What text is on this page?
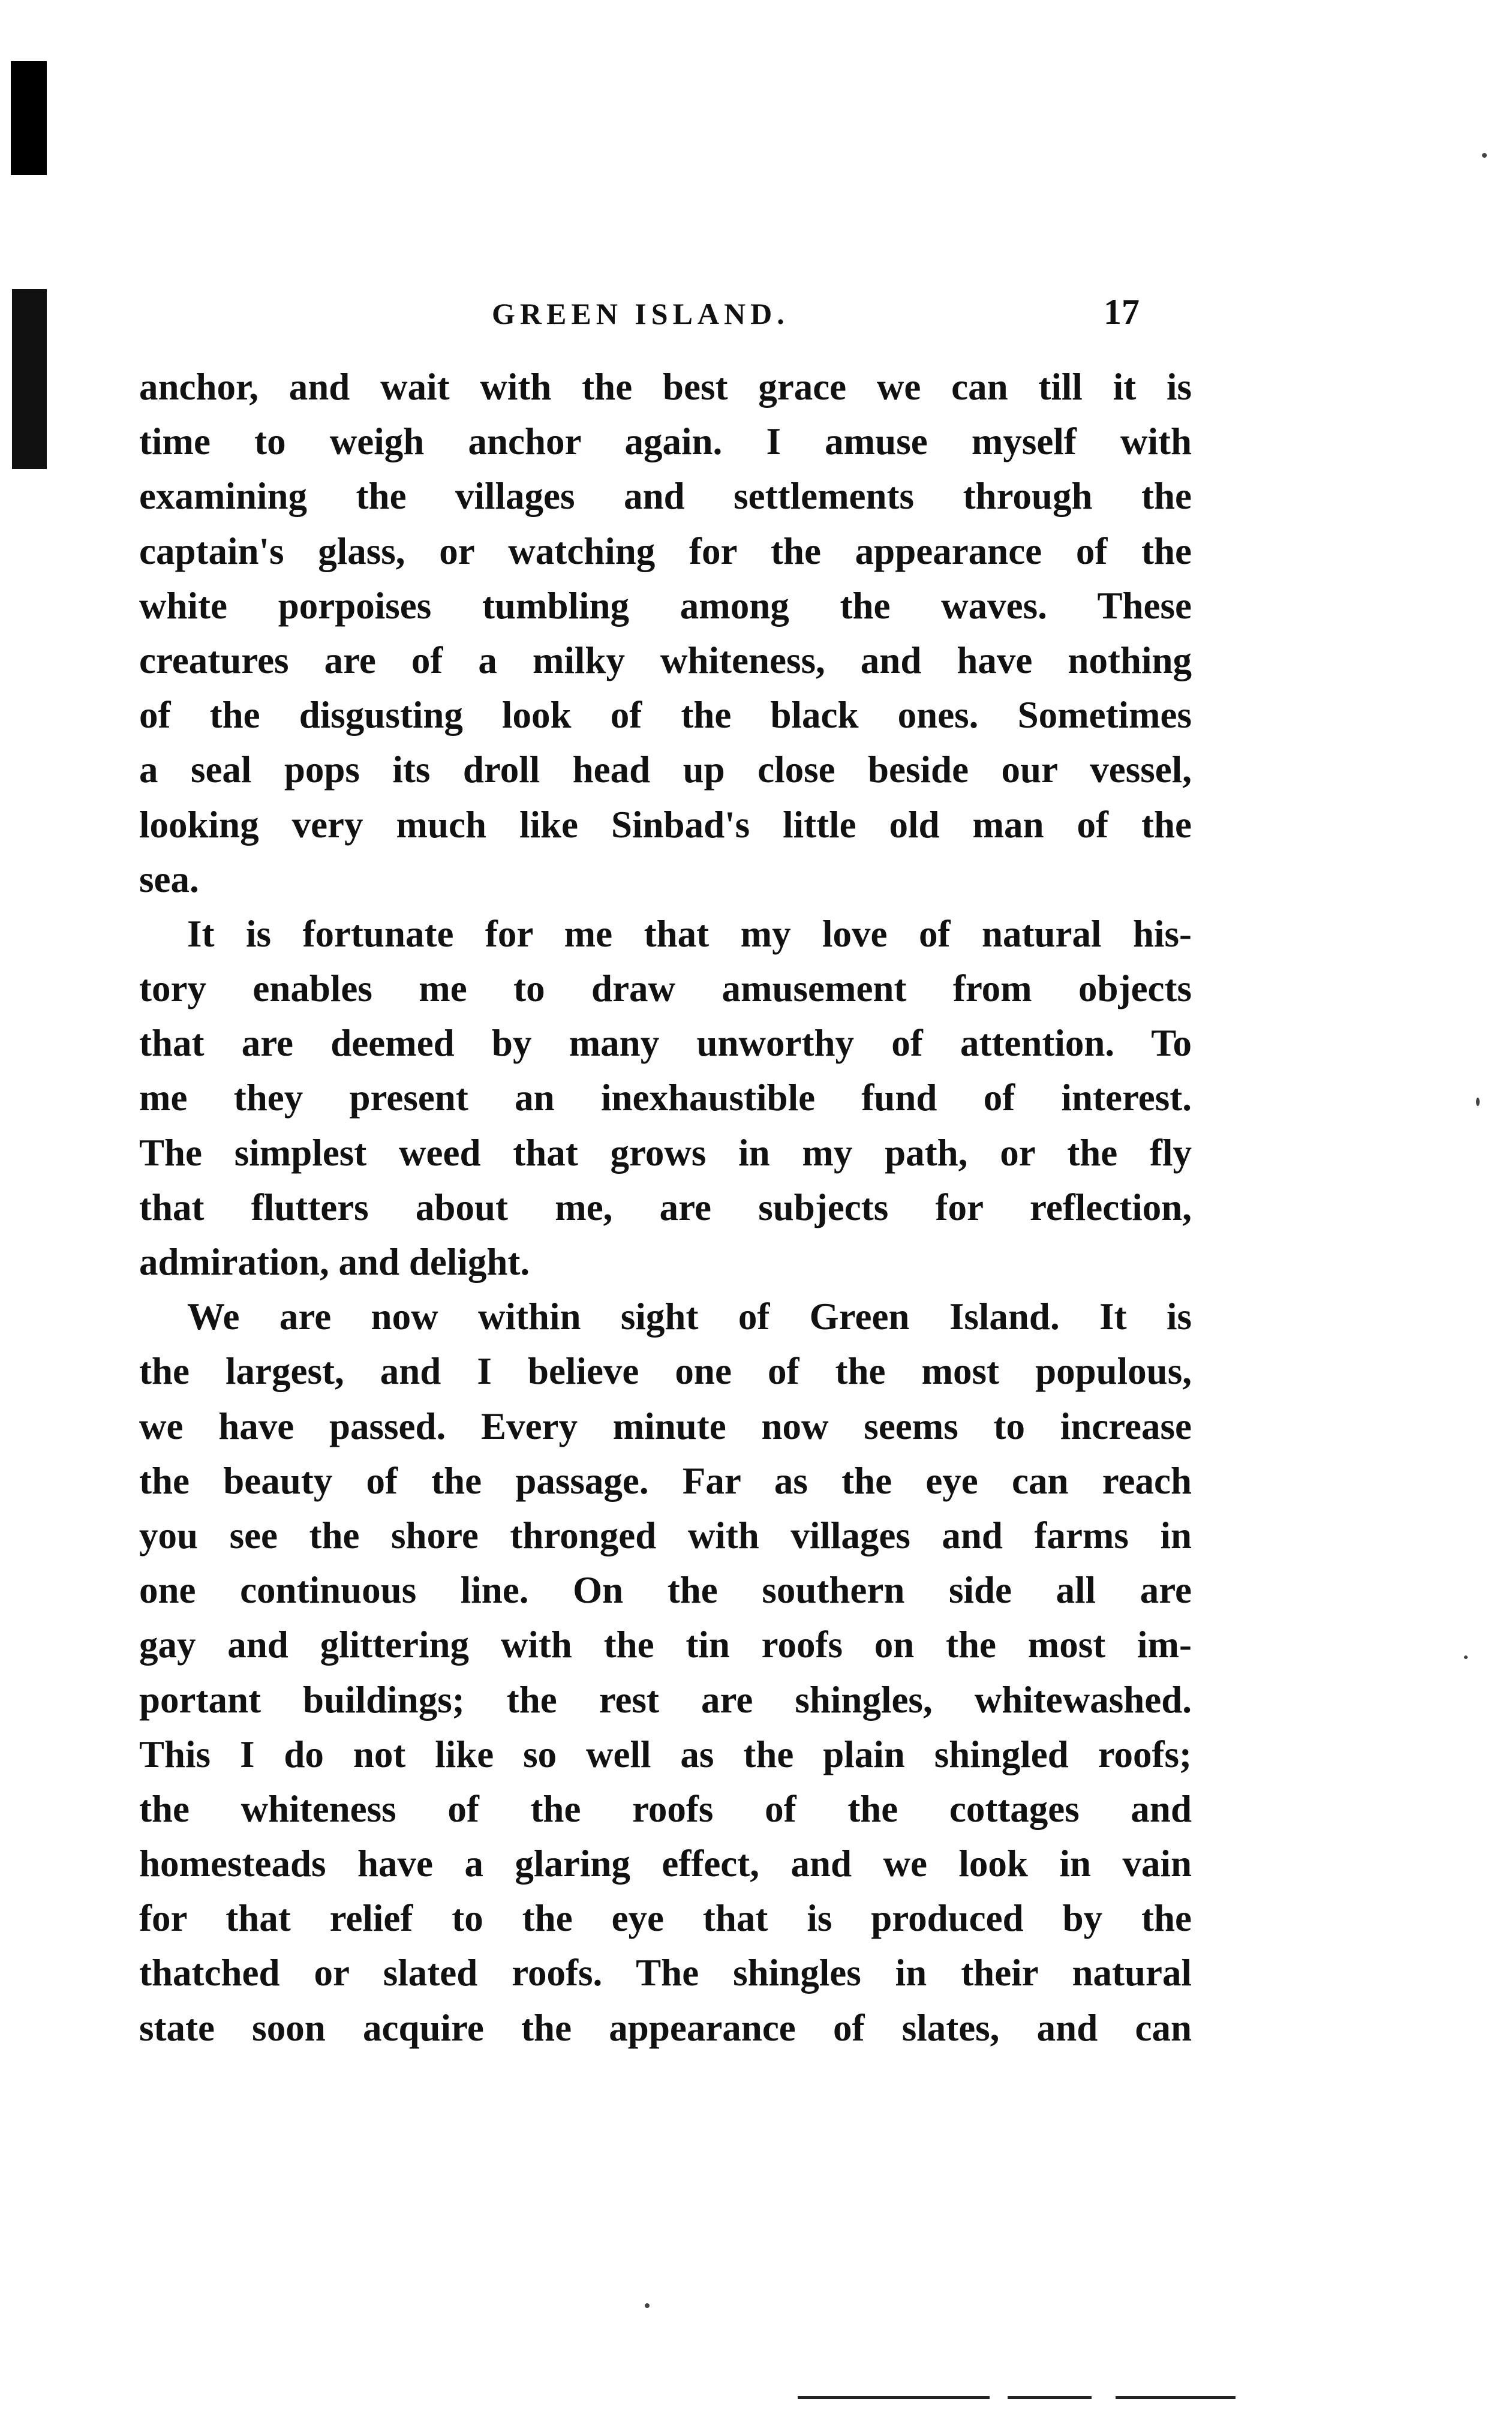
GREEN ISLAND.	17
anchor, and wait with the best grace we can till it is
time to weigh anchor again. I amuse myself with
examining the villages and settlements through the
captain's glass, or watching for the appearance of the
white porpoises tumbling among the waves. These
creatures are of a milky whiteness, and have nothing
of the disgusting look of the black ones. Sometimes
a seal pops its droll head up close beside our vessel,
looking very much like Sinbad's little old man of the
sea.
It is fortunate for me that my love of natural his-
tory enables me to draw amusement from objects
that are deemed by many unworthy of attention. To
me they present an inexhaustible fund of interest.
The simplest weed that grows in my path, or the fly
that flutters about me, are subjects for reflection,
admiration, and delight.
We are now within sight of Green Island. It is
the largest, and I believe one of the most populous,
we have passed. Every minute now seems to increase
the beauty of the passage. Far as the eye can reach
you see the shore thronged with villages and farms in
one continuous line. On the southern side all are
gay and glittering with the tin roofs on the most im-
portant buildings; the rest are shingles, whitewashed.
This I do not like so well as the plain shingled roofs;
the whiteness of the roofs of the cottages and
homesteads have a glaring effect, and we look in vain
for that relief to the eye that is produced by the
thatched or slated roofs. The shingles in their natural
state soon acquire the appearance of slates, and can
